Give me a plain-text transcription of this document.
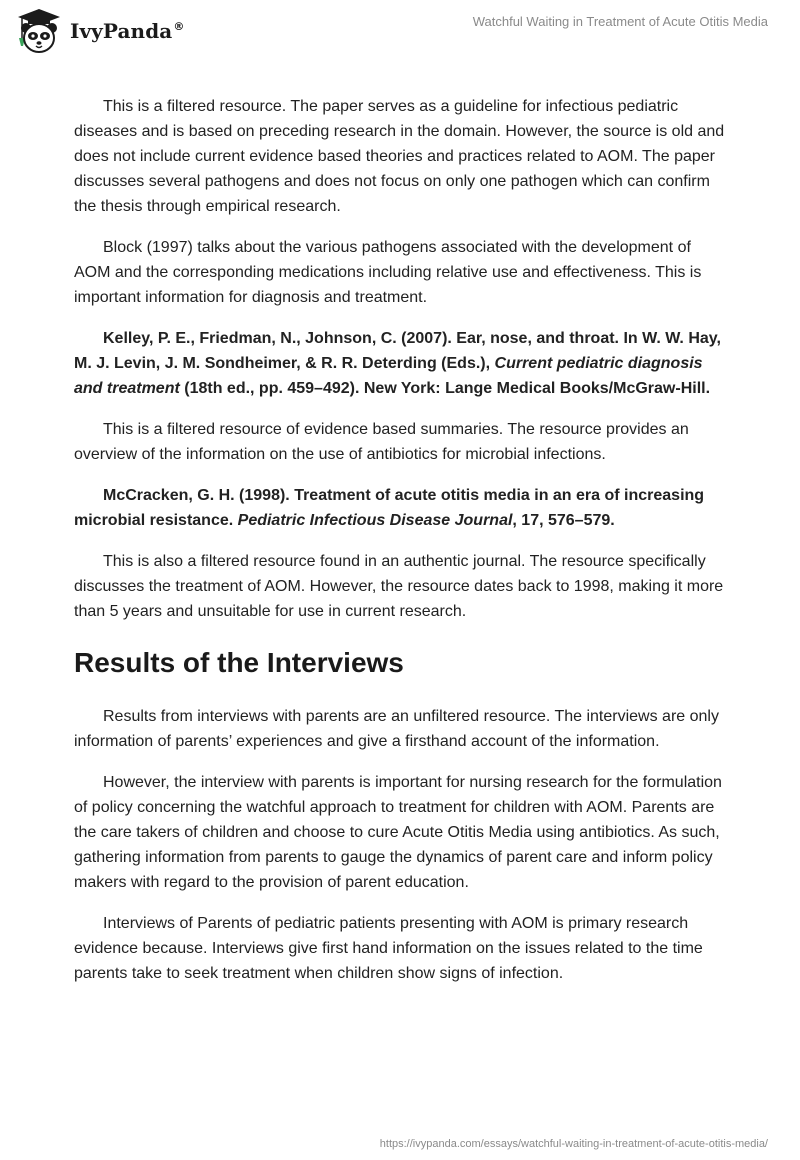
IvyPanda®	Watchful Waiting in Treatment of Acute Otitis Media

This is a filtered resource. The paper serves as a guideline for infectious pediatric diseases and is based on preceding research in the domain. However, the source is old and does not include current evidence based theories and practices related to AOM. The paper discusses several pathogens and does not focus on only one pathogen which can confirm the thesis through empirical research.

Block (1997) talks about the various pathogens associated with the development of AOM and the corresponding medications including relative use and effectiveness. This is important information for diagnosis and treatment.

Kelley, P. E., Friedman, N., Johnson, C. (2007). Ear, nose, and throat. In W. W. Hay, M. J. Levin, J. M. Sondheimer, & R. R. Deterding (Eds.), Current pediatric diagnosis and treatment (18th ed., pp. 459–492). New York: Lange Medical Books/McGraw-Hill.

This is a filtered resource of evidence based summaries. The resource provides an overview of the information on the use of antibiotics for microbial infections.

McCracken, G. H. (1998). Treatment of acute otitis media in an era of increasing microbial resistance. Pediatric Infectious Disease Journal, 17, 576–579.

This is also a filtered resource found in an authentic journal. The resource specifically discusses the treatment of AOM. However, the resource dates back to 1998, making it more than 5 years and unsuitable for use in current research.

Results of the Interviews

Results from interviews with parents are an unfiltered resource. The interviews are only information of parents’ experiences and give a firsthand account of the information.

However, the interview with parents is important for nursing research for the formulation of policy concerning the watchful approach to treatment for children with AOM. Parents are the care takers of children and choose to cure Acute Otitis Media using antibiotics. As such, gathering information from parents to gauge the dynamics of parent care and inform policy makers with regard to the provision of parent education.

Interviews of Parents of pediatric patients presenting with AOM is primary research evidence because. Interviews give first hand information on the issues related to the time parents take to seek treatment when children show signs of infection.

https://ivypanda.com/essays/watchful-waiting-in-treatment-of-acute-otitis-media/
